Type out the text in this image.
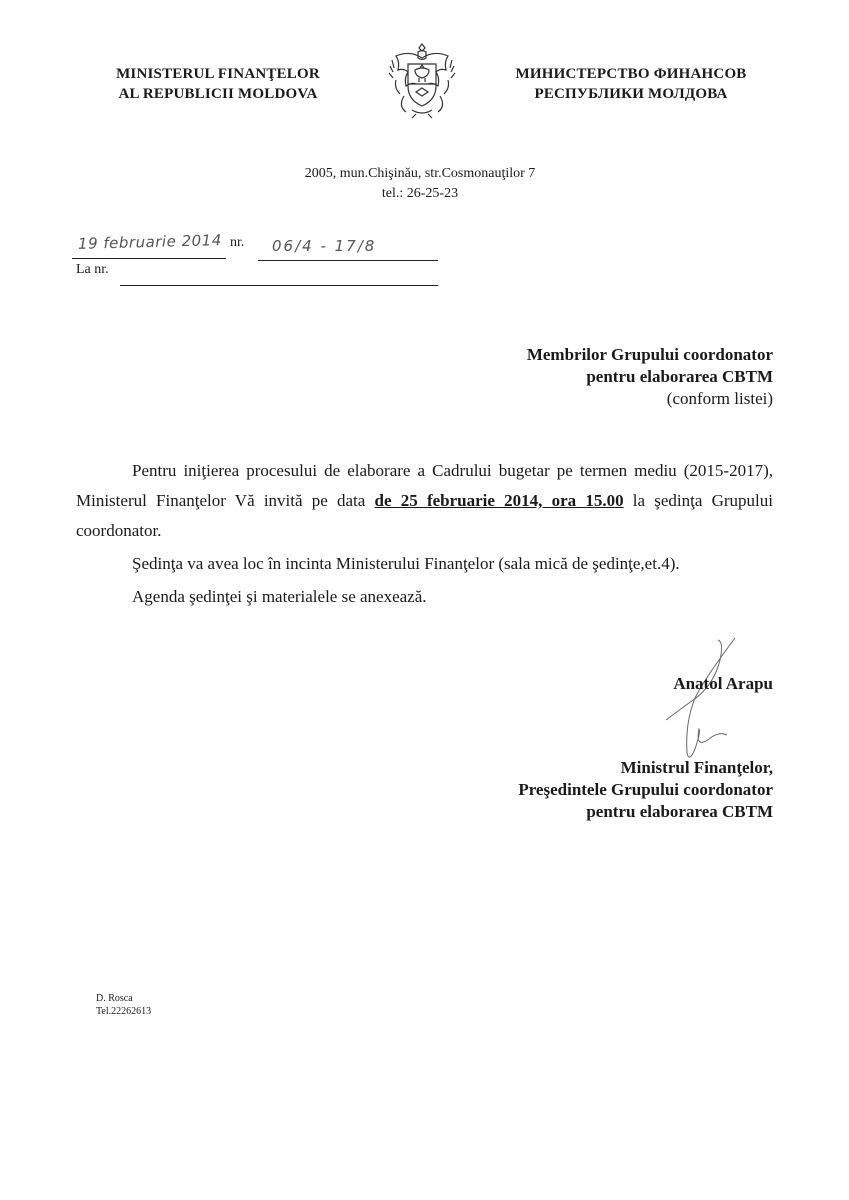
MINISTERUL FINANŢELOR
AL REPUBLICII MOLDOVA
МИНИСТЕРСТВО ФИНАНСОВ
РЕСПУБЛИКИ МОЛДОВА
2005, mun.Chişinău, str.Cosmonauţilor 7
tel.: 26-25-23
19 februarie 2014 nr. 06/4 - 17/8
La nr.
Membrilor Grupului coordonator
pentru elaborarea CBTM
(conform listei)
Pentru iniţierea procesului de elaborare a Cadrului bugetar pe termen mediu (2015-2017), Ministerul Finanţelor Vă invită pe data de 25 februarie 2014, ora 15.00 la şedinţa Grupului coordonator.
Şedinţa va avea loc în incinta Ministerului Finanţelor (sala mică de şedinţe,et.4).
Agenda şedinţei şi materialele se anexează.
Anatol Arapu
Ministrul Finanţelor,
Preşedintele Grupului coordonator
pentru elaborarea CBTM
D. Rosca
Tel.22262613
